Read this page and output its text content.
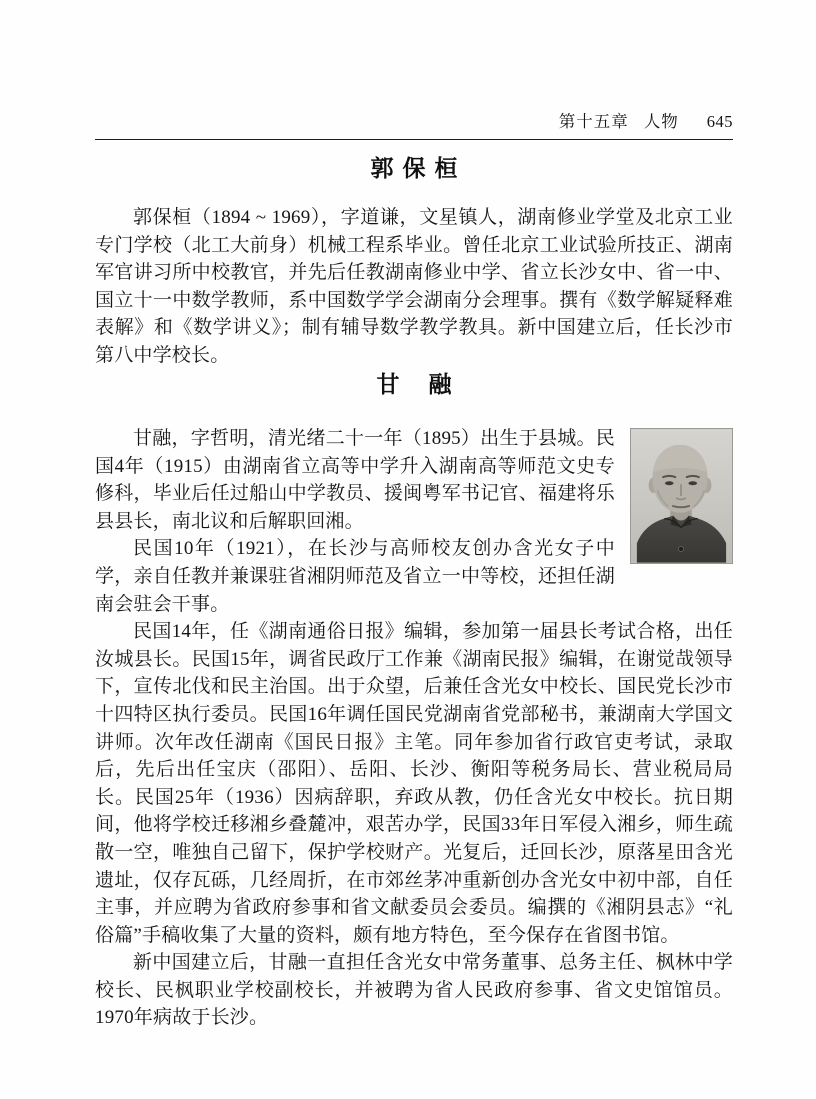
第十五章 人物 645
郭保桓

郭保桓（1894 ~ 1969），字道谦，文星镇人，湖南修业学堂及北京工业专门学校（北工大前身）机械工程系毕业。曾任北京工业试验所技正、湖南军官讲习所中校教官，并先后任教湖南修业中学、省立长沙女中、省一中、国立十一中数学教师，系中国数学学会湖南分会理事。撰有《数学解疑释难表解》和《数学讲义》；制有辅导数学教学教具。新中国建立后，任长沙市第八中学校长。

甘　融

甘融，字哲明，清光绪二十一年（1895）出生于县城。民国4年（1915）由湖南省立高等中学升入湖南高等师范文史专修科，毕业后任过船山中学教员、援闽粤军书记官、福建将乐县县长，南北议和后解职回湘。

民国10年（1921），在长沙与高师校友创办含光女子中学，亲自任教并兼课驻省湘阴师范及省立一中等校，还担任湖南会驻会干事。

民国14年，任《湖南通俗日报》编辑，参加第一届县长考试合格，出任汝城县长。民国15年，调省民政厅工作兼《湖南民报》编辑，在谢觉哉领导下，宣传北伐和民主治国。出于众望，后兼任含光女中校长、国民党长沙市十四特区执行委员。民国16年调任国民党湖南省党部秘书，兼湖南大学国文讲师。次年改任湖南《国民日报》主笔。同年参加省行政官吏考试，录取后，先后出任宝庆（邵阳）、岳阳、长沙、衡阳等税务局长、营业税局局长。民国25年（1936）因病辞职，弃政从教，仍任含光女中校长。抗日期间，他将学校迁移湘乡叠麓冲，艰苦办学，民国33年日军侵入湘乡，师生疏散一空，唯独自己留下，保护学校财产。光复后，迁回长沙，原落星田含光遗址，仅存瓦砾，几经周折，在市郊丝茅冲重新创办含光女中初中部，自任主事，并应聘为省政府参事和省文献委员会委员。编撰的《湘阴县志》“礼俗篇”手稿收集了大量的资料，颇有地方特色，至今保存在省图书馆。

新中国建立后，甘融一直担任含光女中常务董事、总务主任、枫林中学校长、民枫职业学校副校长，并被聘为省人民政府参事、省文史馆馆员。1970年病故于长沙。
